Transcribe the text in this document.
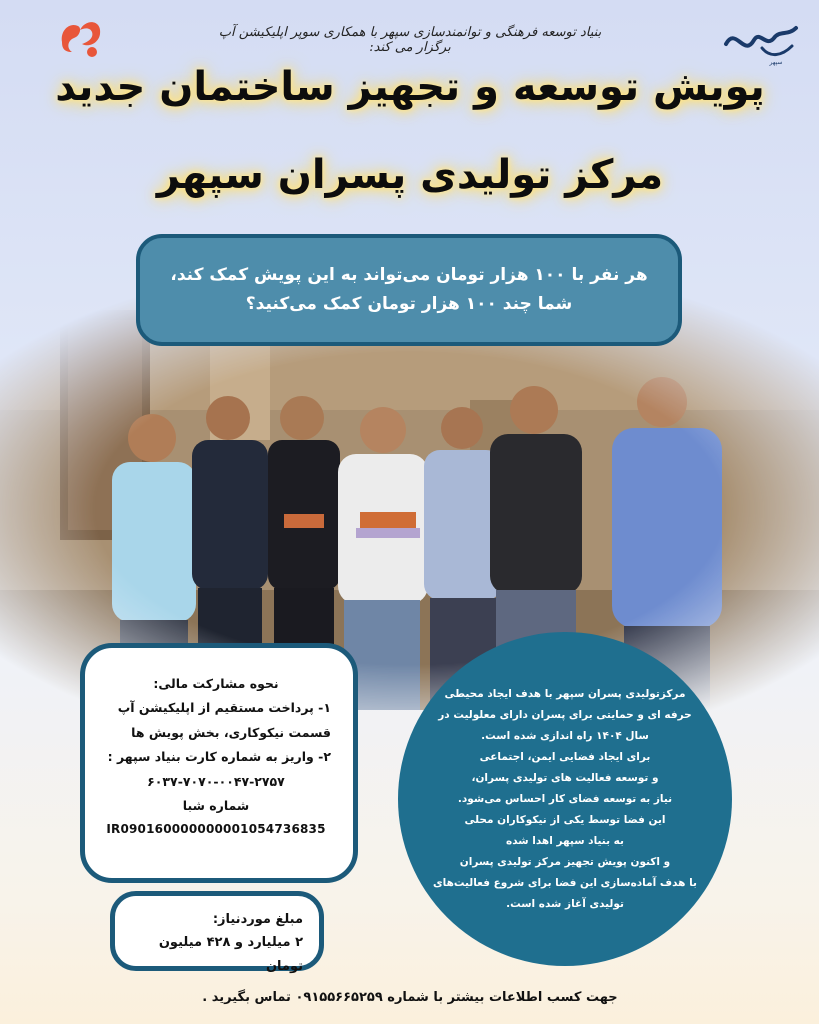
سپهر
بنیاد توسعه فرهنگی و توانمندسازی سپهر با همکاری سوپر اپلیکیشن آپ برگزار می کند:
پویش توسعه و تجهیز ساختمان جدید
مرکز تولیدی پسران سپهر
هر نفر با ۱۰۰ هزار تومان می‌تواند به این پویش کمک کند،
شما چند ۱۰۰ هزار تومان کمک می‌کنید؟
نحوه مشارکت مالی:
۱- پرداخت مستقیم از اپلیکیشن آپ
قسمت نیکوکاری، بخش پویش ها
۲- واریز به شماره کارت بنیاد سپهر :
۶۰۳۷-۷۰۷۰-۰۰۴۷-۲۷۵۷
شماره شبا
IR090160000000001054736835
مبلغ موردنیاز:
۲ میلیارد و ۴۲۸ میلیون تومان
مرکزتولیدی پسران سپهر با هدف ایجاد محیطی
حرفه ای و حمایتی برای پسران دارای معلولیت در
سال ۱۴۰۴ راه اندازی شده است.
برای ایجاد فضایی ایمن، اجتماعی
و توسعه فعالیت های تولیدی پسران،
نیاز به توسعه فضای کار احساس می‌شود.
این فضا توسط یکی از نیکوکاران محلی
به بنیاد سپهر اهدا شده
و اکنون پویش تجهیز مرکز تولیدی پسران
با هدف آماده‌سازی این فضا برای شروع فعالیت‌های
تولیدی آغاز شده است.
جهت کسب اطلاعات بیشتر با شماره ۰۹۱۵۵۶۶۵۲۵۹ تماس بگیرید .
